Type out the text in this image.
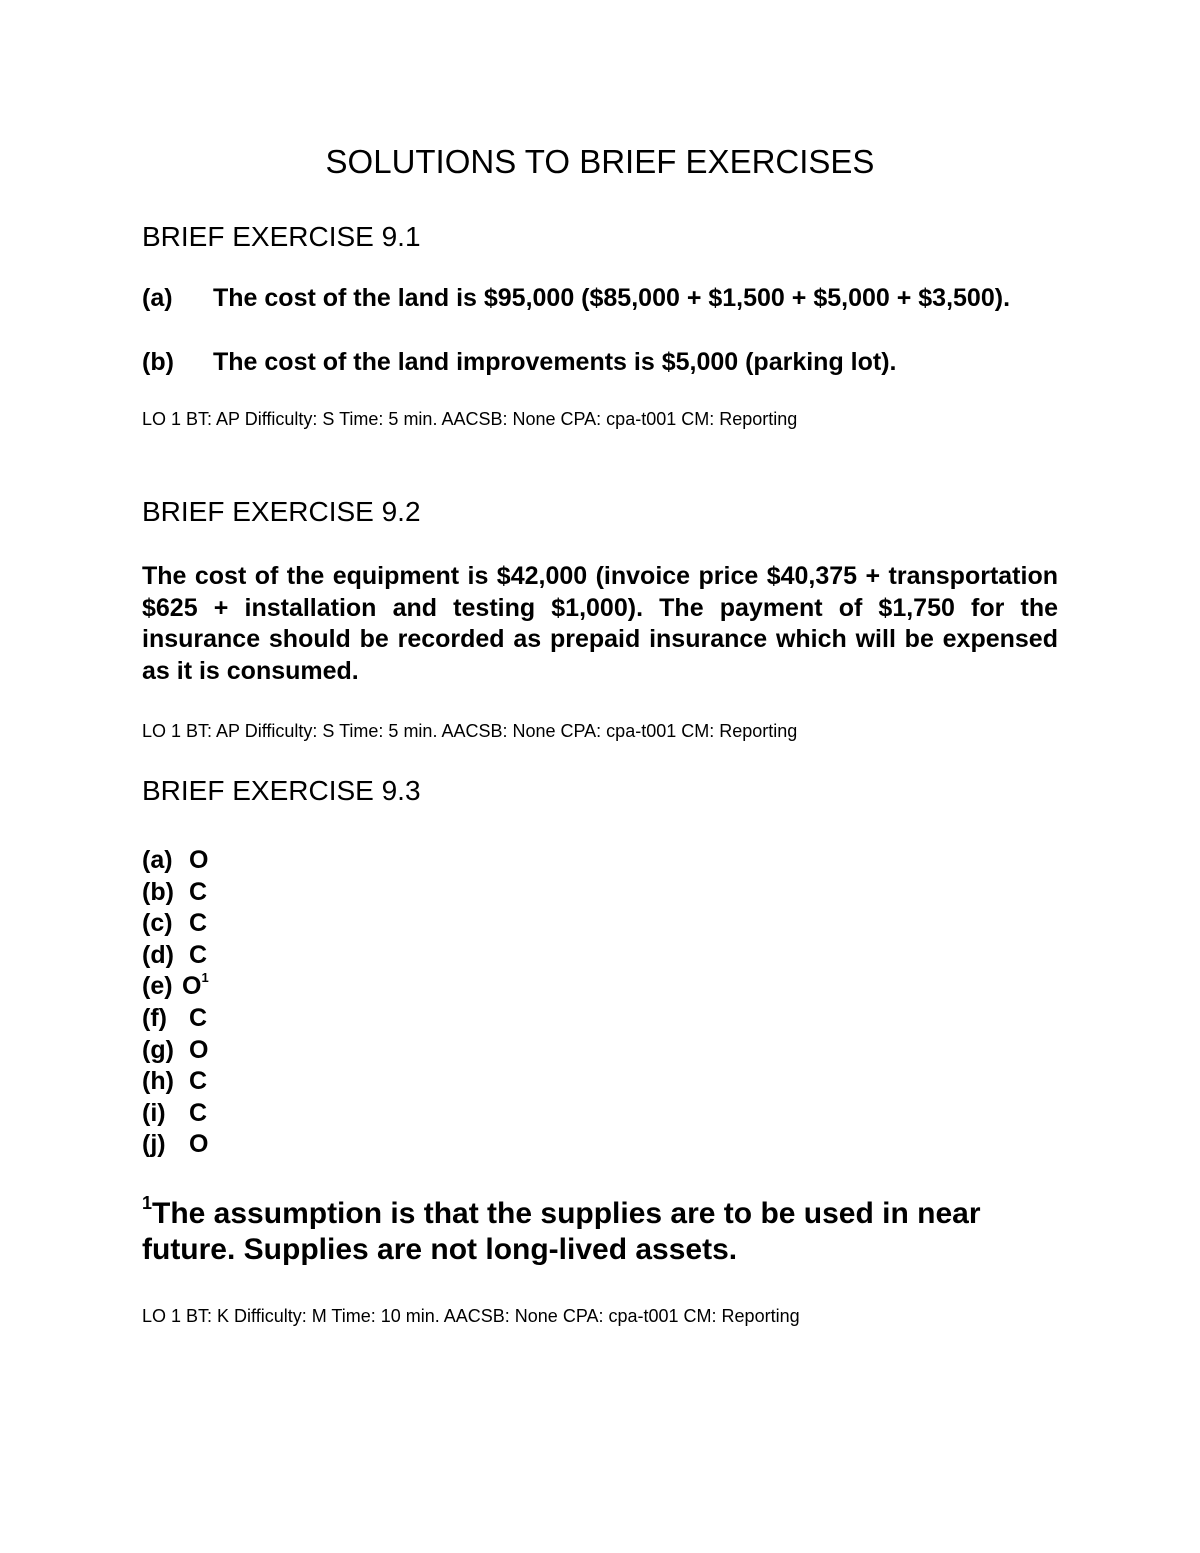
SOLUTIONS TO BRIEF EXERCISES
BRIEF EXERCISE 9.1
(a) The cost of the land is $95,000 ($85,000 + $1,500 + $5,000 + $3,500).
(b) The cost of the land improvements is $5,000 (parking lot).

LO 1 BT: AP Difficulty: S Time: 5 min. AACSB: None CPA: cpa-t001 CM: Reporting

BRIEF EXERCISE 9.2

The cost of the equipment is $42,000 (invoice price $40,375 + transportation $625 + installation and testing $1,000). The payment of $1,750 for the insurance should be recorded as prepaid insurance which will be expensed as it is consumed.

LO 1 BT: AP Difficulty: S Time: 5 min. AACSB: None CPA: cpa-t001 CM: Reporting

BRIEF EXERCISE 9.3
(a) O
(b) C
(c) C
(d) C
(e) $O^1$
(f) C
(g) O
(h) C
(i) C
(j) O

$^1$The assumption is that the supplies are to be used in near future. Supplies are not long-lived assets.

LO 1 BT: K Difficulty: M Time: 10 min. AACSB: None CPA: cpa-t001 CM: Reporting
